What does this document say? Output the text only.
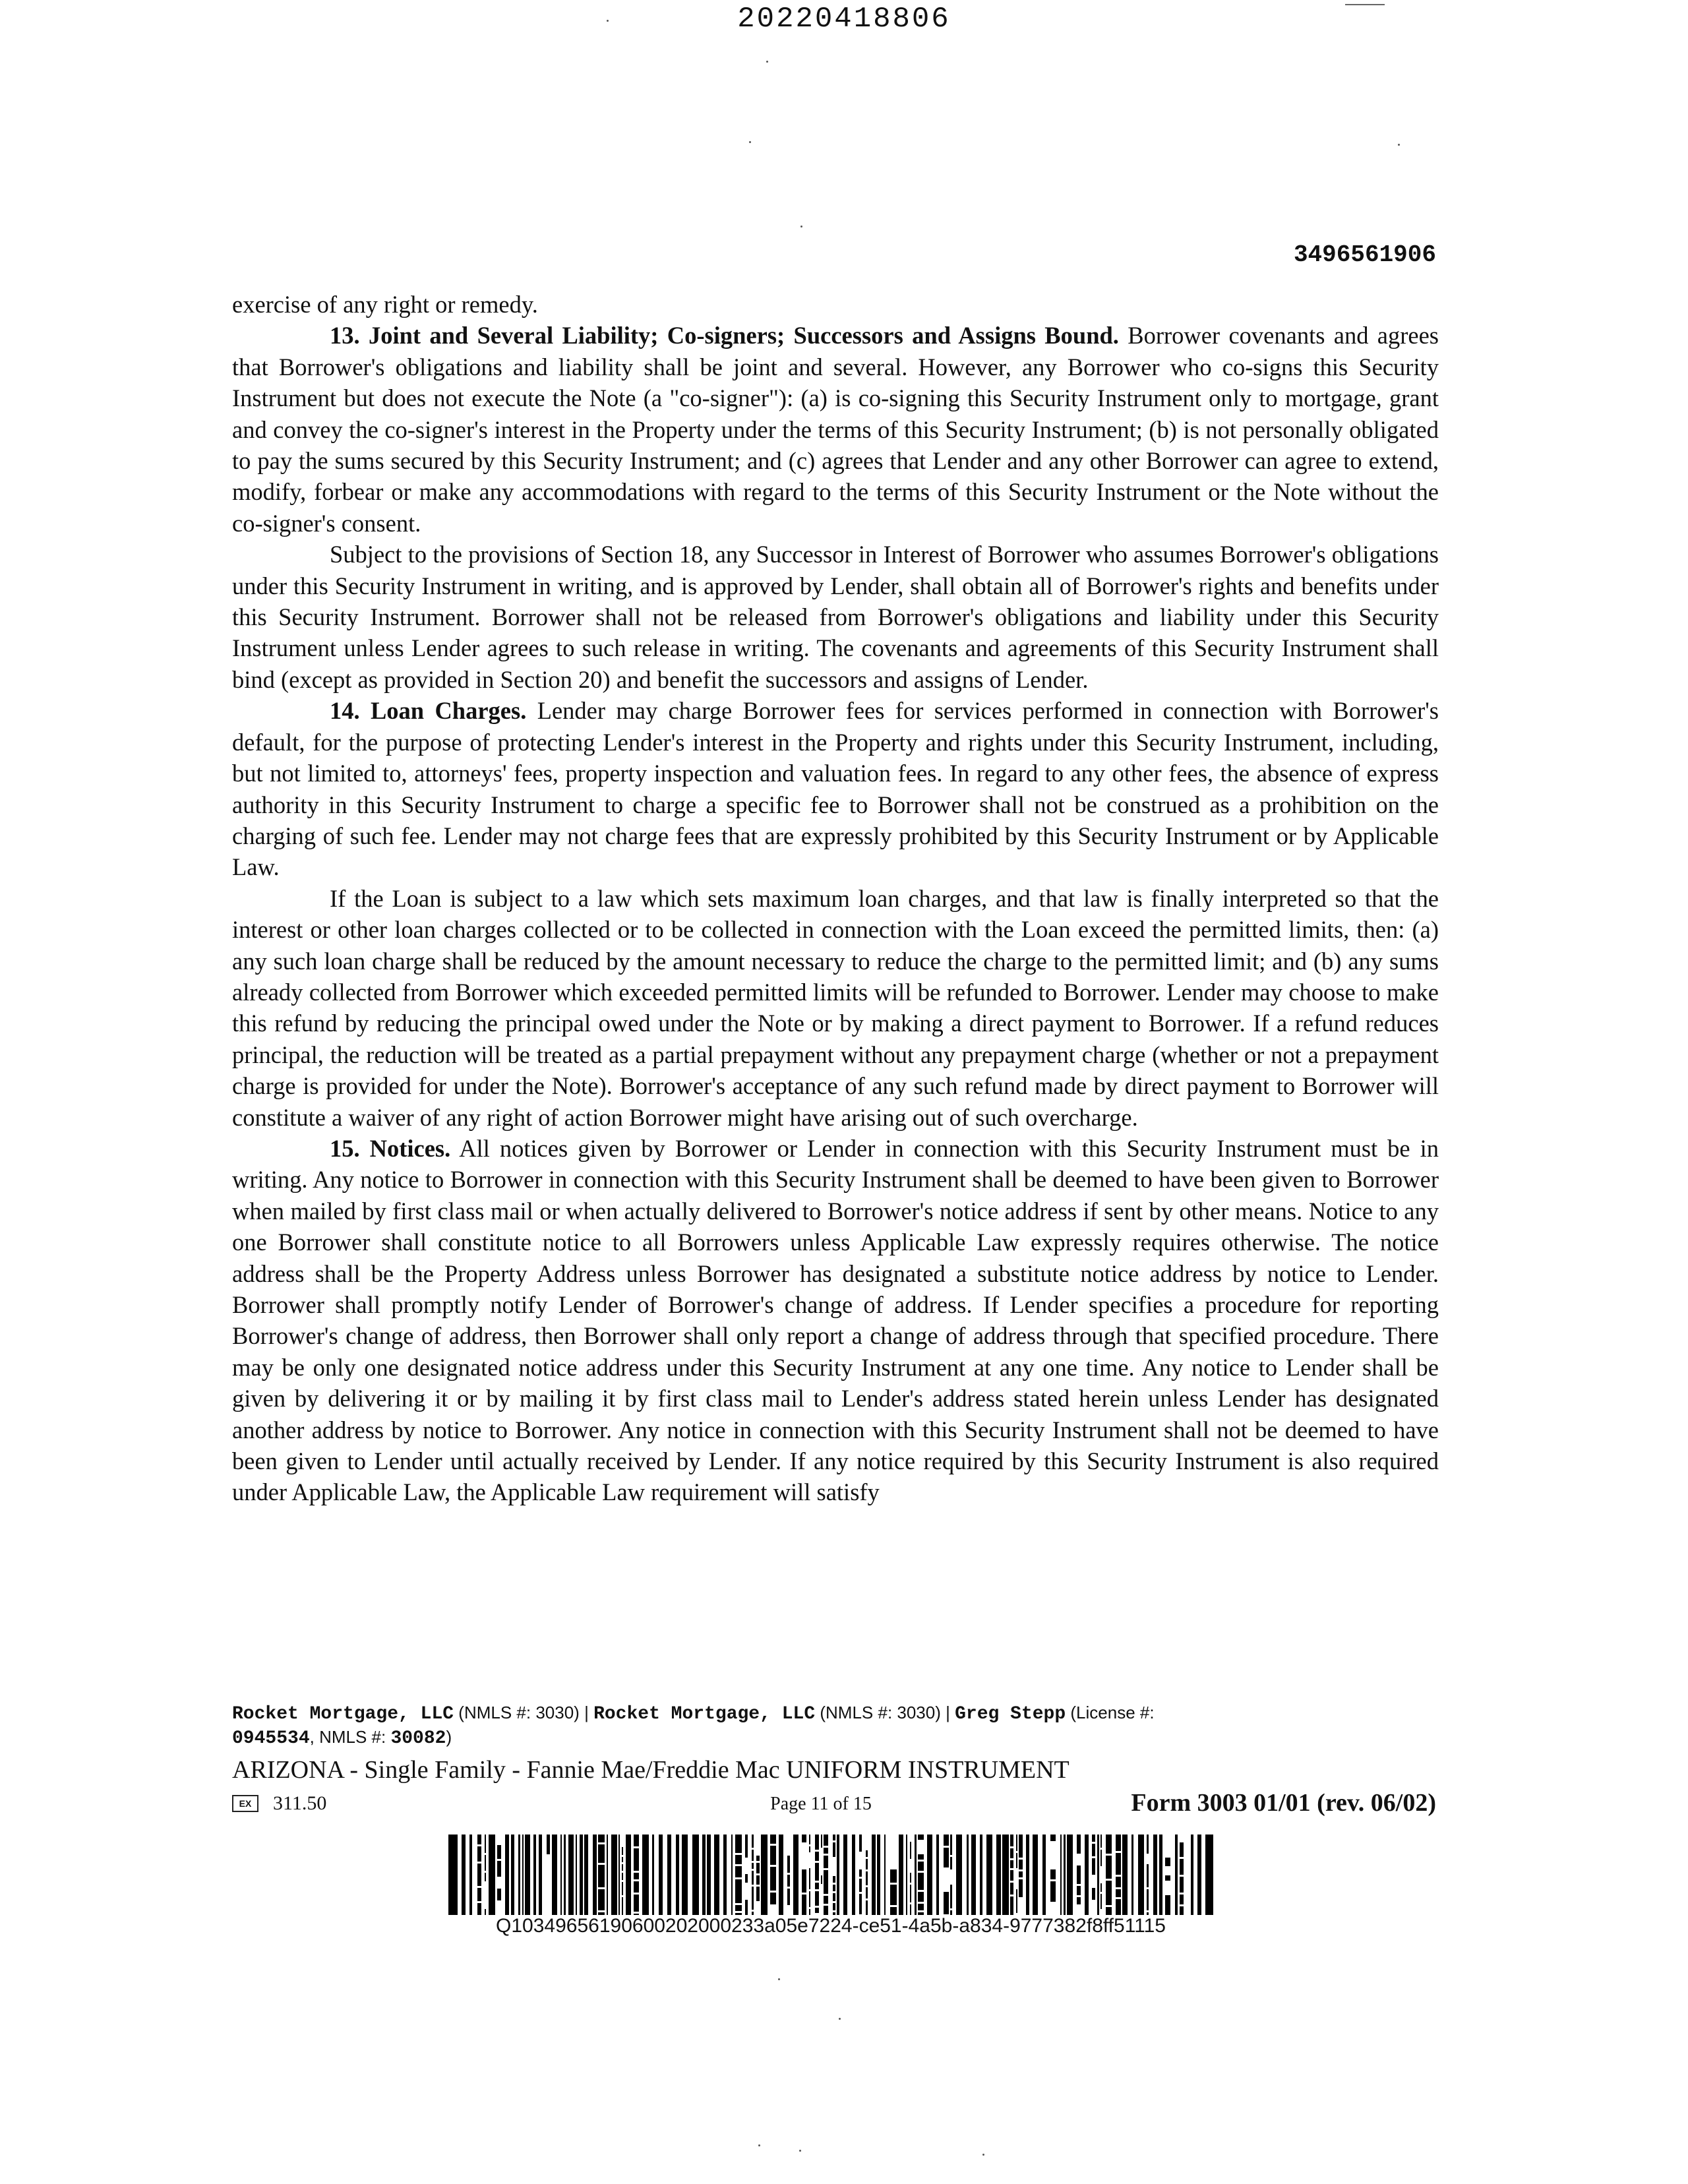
20220418806
3496561906

exercise of any right or remedy.

13. Joint and Several Liability; Co-signers; Successors and Assigns Bound. Borrower covenants and agrees that Borrower's obligations and liability shall be joint and several. However, any Borrower who co-signs this Security Instrument but does not execute the Note (a "co-signer"): (a) is co-signing this Security Instrument only to mortgage, grant and convey the co-signer's interest in the Property under the terms of this Security Instrument; (b) is not personally obligated to pay the sums secured by this Security Instrument; and (c) agrees that Lender and any other Borrower can agree to extend, modify, forbear or make any accommodations with regard to the terms of this Security Instrument or the Note without the co-signer's consent.

Subject to the provisions of Section 18, any Successor in Interest of Borrower who assumes Borrower's obligations under this Security Instrument in writing, and is approved by Lender, shall obtain all of Borrower's rights and benefits under this Security Instrument. Borrower shall not be released from Borrower's obligations and liability under this Security Instrument unless Lender agrees to such release in writing. The covenants and agreements of this Security Instrument shall bind (except as provided in Section 20) and benefit the successors and assigns of Lender.

14. Loan Charges. Lender may charge Borrower fees for services performed in connection with Borrower's default, for the purpose of protecting Lender's interest in the Property and rights under this Security Instrument, including, but not limited to, attorneys' fees, property inspection and valuation fees. In regard to any other fees, the absence of express authority in this Security Instrument to charge a specific fee to Borrower shall not be construed as a prohibition on the charging of such fee. Lender may not charge fees that are expressly prohibited by this Security Instrument or by Applicable Law.

If the Loan is subject to a law which sets maximum loan charges, and that law is finally interpreted so that the interest or other loan charges collected or to be collected in connection with the Loan exceed the permitted limits, then: (a) any such loan charge shall be reduced by the amount necessary to reduce the charge to the permitted limit; and (b) any sums already collected from Borrower which exceeded permitted limits will be refunded to Borrower. Lender may choose to make this refund by reducing the principal owed under the Note or by making a direct payment to Borrower. If a refund reduces principal, the reduction will be treated as a partial prepayment without any prepayment charge (whether or not a prepayment charge is provided for under the Note). Borrower's acceptance of any such refund made by direct payment to Borrower will constitute a waiver of any right of action Borrower might have arising out of such overcharge.

15. Notices. All notices given by Borrower or Lender in connection with this Security Instrument must be in writing. Any notice to Borrower in connection with this Security Instrument shall be deemed to have been given to Borrower when mailed by first class mail or when actually delivered to Borrower's notice address if sent by other means. Notice to any one Borrower shall constitute notice to all Borrowers unless Applicable Law expressly requires otherwise. The notice address shall be the Property Address unless Borrower has designated a substitute notice address by notice to Lender. Borrower shall promptly notify Lender of Borrower's change of address. If Lender specifies a procedure for reporting Borrower's change of address, then Borrower shall only report a change of address through that specified procedure. There may be only one designated notice address under this Security Instrument at any one time. Any notice to Lender shall be given by delivering it or by mailing it by first class mail to Lender's address stated herein unless Lender has designated another address by notice to Borrower. Any notice in connection with this Security Instrument shall not be deemed to have been given to Lender until actually received by Lender. If any notice required by this Security Instrument is also required under Applicable Law, the Applicable Law requirement will satisfy

Rocket Mortgage, LLC (NMLS #: 3030) | Rocket Mortgage, LLC (NMLS #: 3030) | Greg Stepp (License #:
0945534, NMLS #: 30082)
ARIZONA - Single Family - Fannie Mae/Freddie Mac UNIFORM INSTRUMENT
EX	311.50	Page 11 of 15	Form 3003 01/01 (rev. 06/02)
Q10349656190600202000233a05e7224-ce51-4a5b-a834-9777382f8ff51115
